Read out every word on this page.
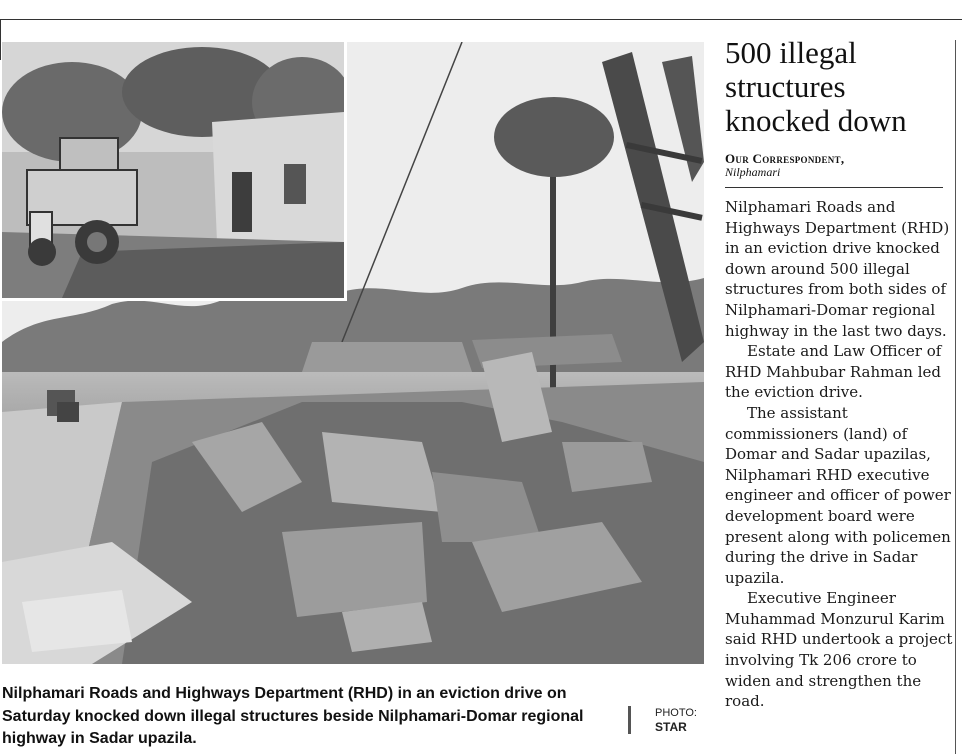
Nilphamari Roads and Highways Department (RHD) in an eviction drive on Saturday knocked down illegal structures beside Nilphamari-Domar regional highway in Sadar upazila.
PHOTO:
STAR
500 illegal structures knocked down
Our Correspondent,
Nilphamari

Nilphamari Roads and Highways Department (RHD) in an eviction drive knocked down around 500 illegal structures from both sides of Nilphamari-Domar regional highway in the last two days.

Estate and Law Officer of RHD Mahbubar Rahman led the eviction drive.

The assistant commissioners (land) of Domar and Sadar upazilas, Nilphamari RHD executive engineer and officer of power development board were present along with policemen during the drive in Sadar upazila.

Executive Engineer Muhammad Monzurul Karim said RHD undertook a project involving Tk 206 crore to widen and strengthen the road.
